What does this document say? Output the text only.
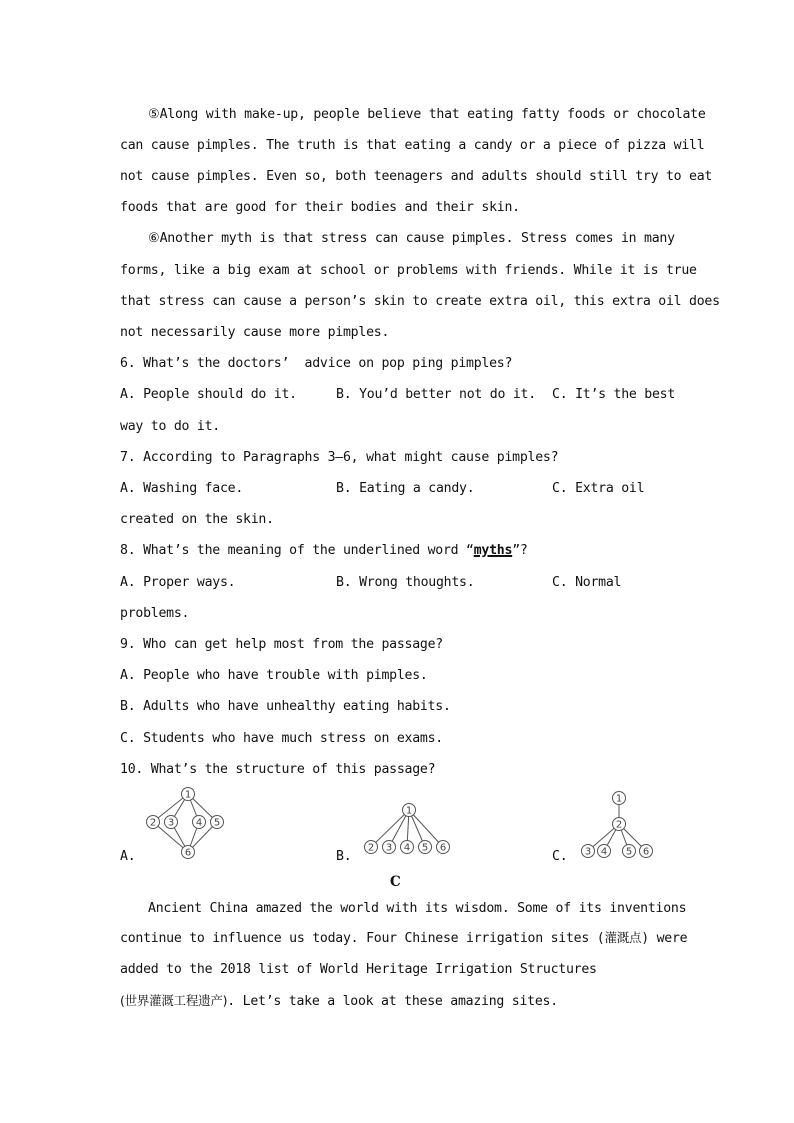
⑤Along with make-up, people believe that eating fatty foods or chocolate
can cause pimples. The truth is that eating a candy or a piece of pizza will
not cause pimples. Even so, both teenagers and adults should still try to eat
foods that are good for their bodies and their skin.
⑥Another myth is that stress can cause pimples. Stress comes in many
forms, like a big exam at school or problems with friends. While it is true
that stress can cause a person’s skin to create extra oil, this extra oil does
not necessarily cause more pimples.
6. What’s the doctors’  advice on pop ping pimples?
A. People should do it.	B. You’d better not do it. C. It’s the best
way to do it.
7. According to Paragraphs 3—6, what might cause pimples?
A. Washing face.	B. Eating a candy.	C. Extra oil
created on the skin.
8. What’s the meaning of the underlined word “myths”?
A. Proper ways.	B. Wrong thoughts.	C. Normal
problems.
9. Who can get help most from the passage?
A. People who have trouble with pimples.
B. Adults who have unhealthy eating habits.
C. Students who have much stress on exams.
10. What’s the structure of this passage?
A.	B.	C.
1
2 3 4 5
6
1
2 3 4 5 6
1
2
3 4 5 6
C
Ancient China amazed the world with its wisdom. Some of its inventions
continue to influence us today. Four Chinese irrigation sites (灌溉点) were
added to the 2018 list of World Heritage Irrigation Structures
(世界灌溉工程遗产). Let’s take a look at these amazing sites.
